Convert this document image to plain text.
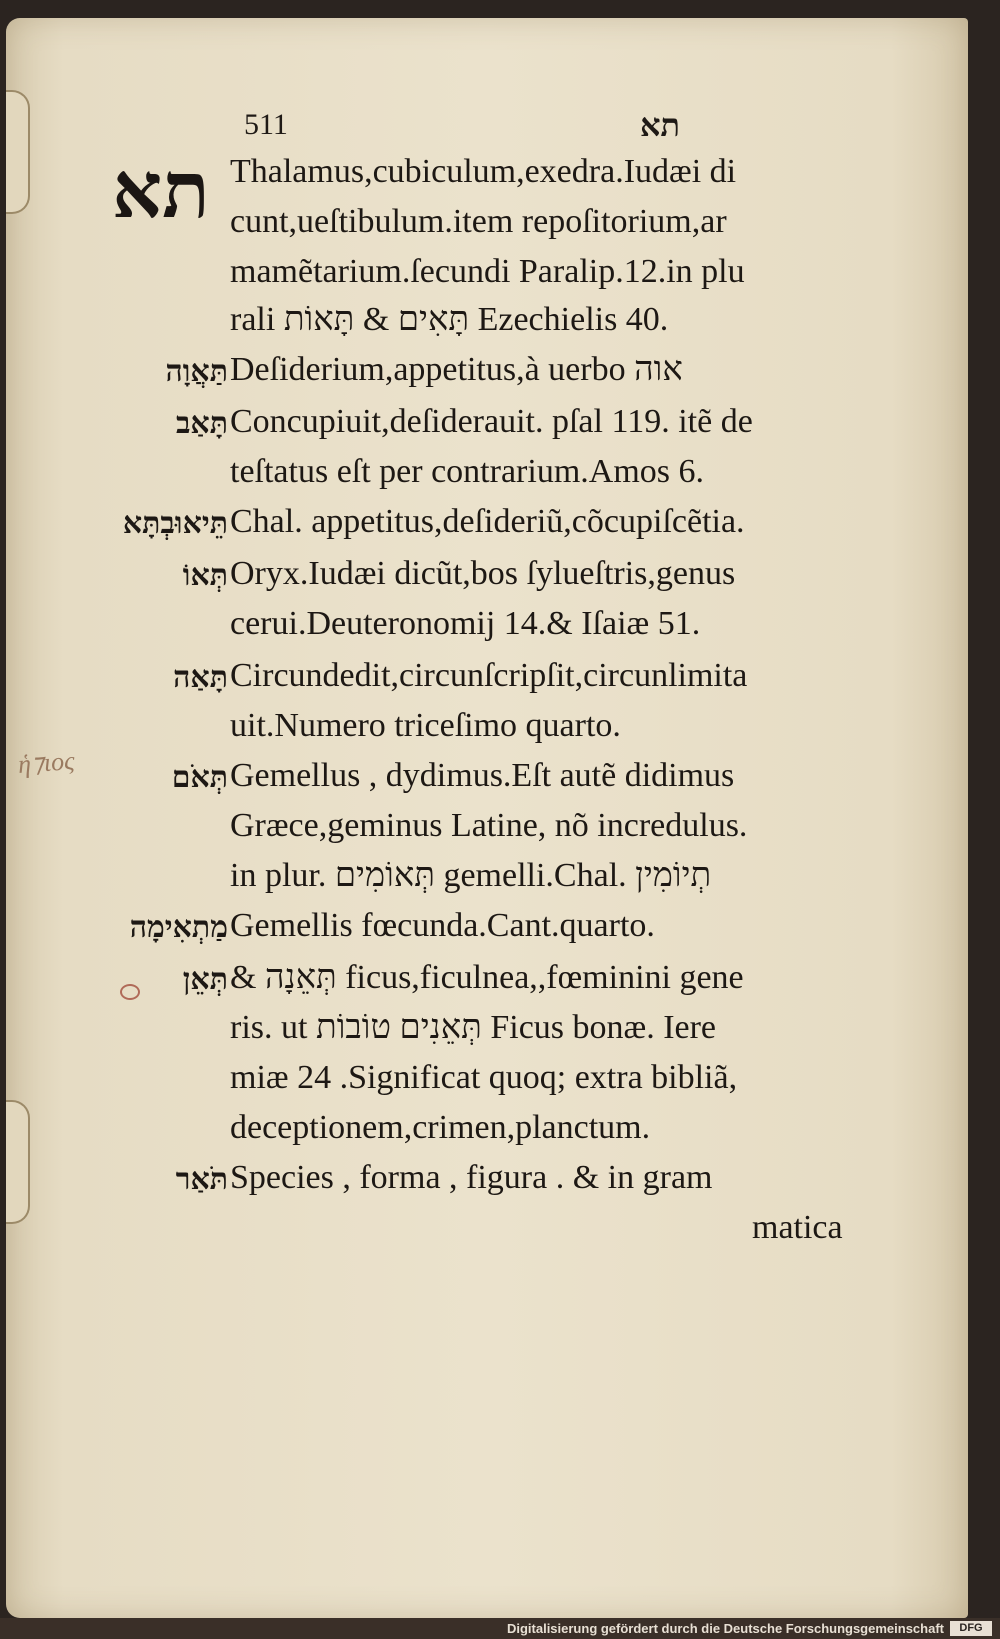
511	תא
תא Thalamus,cubiculum,exedra.Iudæi di
cunt,ueſtibulum.item repoſitorium,ar
mamẽtarium.ſecundi Paralip.12.in plu
rali תָּאִים & תָּאוֹת Ezechielis 40.
Deſiderium,appetitus,à uerbo אוה
Concupiuit,deſiderauit. pſal 119. itẽ de
teſtatus eſt per contrarium.Amos 6.
Chal. appetitus,deſideriũ,cõcupiſcẽtia.
Oryx.Iudæi dicũt,bos ſylueſtris,genus
cerui.Deuteronomij 14.& Iſaiæ 51.
Circundedit,circunſcripſit,circunlimita
uit.Numero triceſimo quarto.
Gemellus , dydimus.Eſt autẽ didimus
Græce,geminus Latine, nõ incredulus.
in plur. תְּאוֹמִים gemelli.Chal. תְיוֹמִין
Gemellis fœcunda.Cant.quarto.
& תְּאֵנָה ficus,ficulnea,,fœminini gene
ris. ut תְּאֵנִים טוֹבוֹת Ficus bonæ. Iere
miæ 24 .Significat quoq; extra bibliã,
deceptionem,crimen,planctum.
Species , forma , figura . & in gram
matica
תַּאֲוָה
תָּאַב
תֵּיאוּבְתָּא
תְּאוֹ
תָּאַה
תְּאֹם
מַתְאִימָה
תְּאֵן
תֹּאַר
ἡ⁊ιος
Digitalisierung gefördert durch die Deutsche Forschungsgemeinschaft	DFG
